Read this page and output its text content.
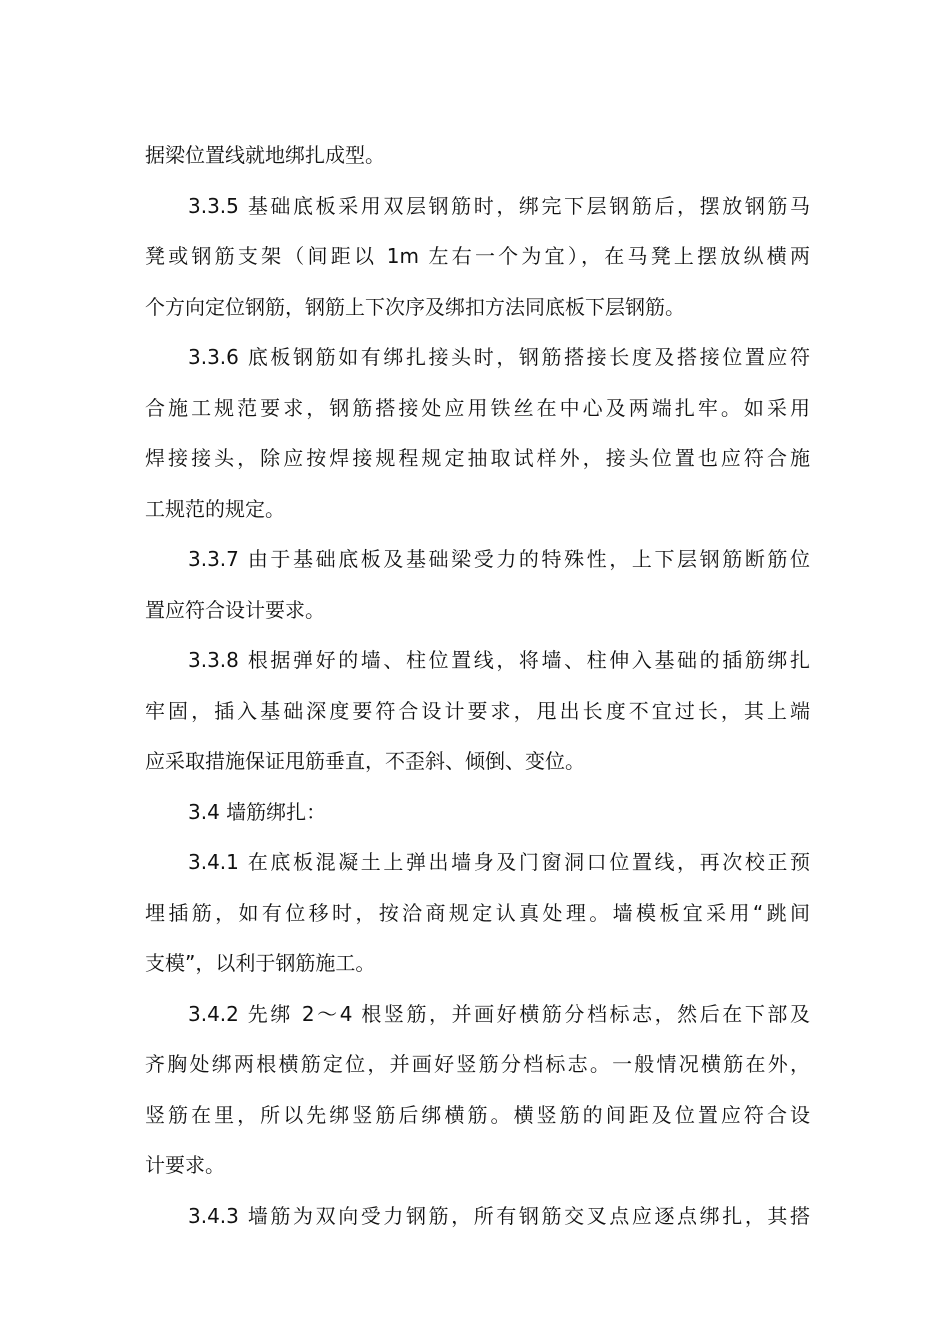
据梁位置线就地绑扎成型。
3.3.5 基础底板采用双层钢筋时，绑完下层钢筋后，摆放钢筋马
凳或钢筋支架（间距以 1m 左右一个为宜），在马凳上摆放纵横两
个方向定位钢筋，钢筋上下次序及绑扣方法同底板下层钢筋。
3.3.6 底板钢筋如有绑扎接头时，钢筋搭接长度及搭接位置应符
合施工规范要求，钢筋搭接处应用铁丝在中心及两端扎牢。如采用
焊接接头，除应按焊接规程规定抽取试样外，接头位置也应符合施
工规范的规定。
3.3.7 由于基础底板及基础梁受力的特殊性，上下层钢筋断筋位
置应符合设计要求。
3.3.8 根据弹好的墙、柱位置线，将墙、柱伸入基础的插筋绑扎
牢固，插入基础深度要符合设计要求，甩出长度不宜过长，其上端
应采取措施保证甩筋垂直，不歪斜、倾倒、变位。
3.4 墙筋绑扎：
3.4.1 在底板混凝土上弹出墙身及门窗洞口位置线，再次校正预
埋插筋，如有位移时，按洽商规定认真处理。墙模板宜采用“跳间
支模”，以利于钢筋施工。
3.4.2 先绑 2～4 根竖筋，并画好横筋分档标志，然后在下部及
齐胸处绑两根横筋定位，并画好竖筋分档标志。一般情况横筋在外，
竖筋在里，所以先绑竖筋后绑横筋。横竖筋的间距及位置应符合设
计要求。
3.4.3 墙筋为双向受力钢筋，所有钢筋交叉点应逐点绑扎，其搭
